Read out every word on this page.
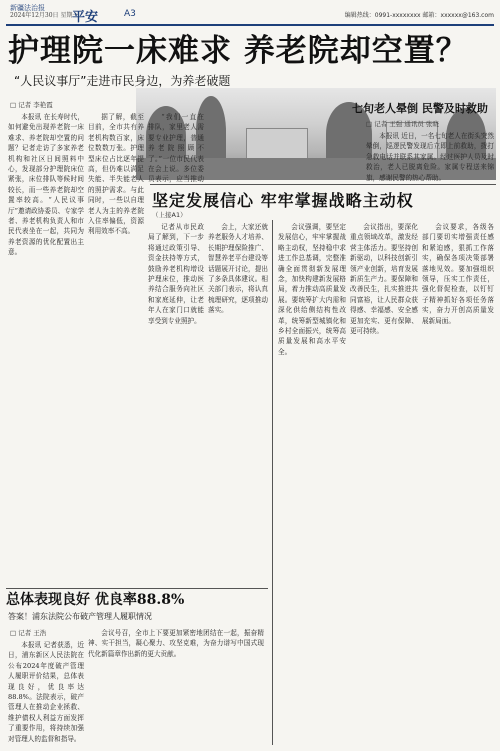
新疆法治报
2024年12月30日 星期一
平安	A3	编辑热线：0991-xxxxxxxx 邮箱：xxxxxx@163.com
护理院一床难求 养老院却空置？
“人民议事厅”走进市民身边，为养老破题
七旬老人晕倒 民警及时救助
□ 记者 李艳霞

本报讯 在长寿时代，如何避免出现养老院一床难求、养老院却空置的问题？记者走访了多家养老机构和社区日间照料中心，发现部分护理院床位紧张，床位排队等候时间较长，而一些养老院却空置率较高。“人民议事厅”邀请政协委员、专家学者、养老机构负责人和市民代表坐在一起，共同为养老资源的优化配置出主意。

据了解，截至目前，全市共有养老机构数百家，床位数数万张。护理型床位占比逐年提高，但仍难以满足失能、半失能老人的照护需求。与此同时，一些以自理老人为主的养老院入住率偏低，资源利用效率不高。

“我们一直在排队，家里老人需要专业护理，普通养老院照顾不了。”一位市民代表在会上说。多位委员表示，应当推动

□ 记者 王强 通讯员 张晓

本报讯 近日，一名七旬老人在街头突然晕倒，巡逻民警发现后立即上前救助，拨打急救电话并联系其家属。经过医护人员及时救治，老人已脱离危险。家属专程送来锦旗，感谢民警的热心帮助。

坚定发展信心 牢牢掌握战略主动权
（上接A1）

记者从市民政局了解到，下一步将通过政策引导、资金扶持等方式，鼓励养老机构增设护理床位，推动医养结合服务向社区和家庭延伸，让老年人在家门口就能享受到专业照护。

会上，大家还就养老服务人才培养、长期护理保险推广、智慧养老平台建设等话题展开讨论，提出了多条具体建议。相关部门表示，将认真梳理研究，逐项推动落实。

会议强调，要坚定发展信心，牢牢掌握战略主动权，坚持稳中求进工作总基调，完整准确全面贯彻新发展理念，加快构建新发展格局，着力推动高质量发展。要统筹扩大内需和深化供给侧结构性改革，统筹新型城镇化和乡村全面振兴，统筹高质量发展和高水平安全。

会议指出，要深化重点领域改革，激发经营主体活力。要坚持创新驱动，以科技创新引领产业创新，培育发展新质生产力。要保障和改善民生，扎实推进共同富裕，让人民群众获得感、幸福感、安全感更加充实、更有保障、更可持续。

会议要求，各级各部门要切实增强责任感和紧迫感，狠抓工作落实，确保各项决策部署落地见效。要加强组织领导，压实工作责任，强化督促检查，以钉钉子精神抓好各项任务落实，奋力开创高质量发展新局面。

总体表现良好 优良率88.8%
答案！浦东法院公布破产管理人履职情况
□ 记者 王浩

本报讯 记者获悉，近日，浦东新区人民法院在公布2024年度破产管理人履职评价结果，总体表现良好，优良率达88.8%。法院表示，破产管理人在推动企业拯救、维护债权人利益方面发挥了重要作用，将持续加强对管理人的监督和指导。

会议号召，全市上下要更加紧密地团结在一起，振奋精神、实干担当，凝心聚力、攻坚克难，为奋力谱写中国式现代化新篇章作出新的更大贡献。
